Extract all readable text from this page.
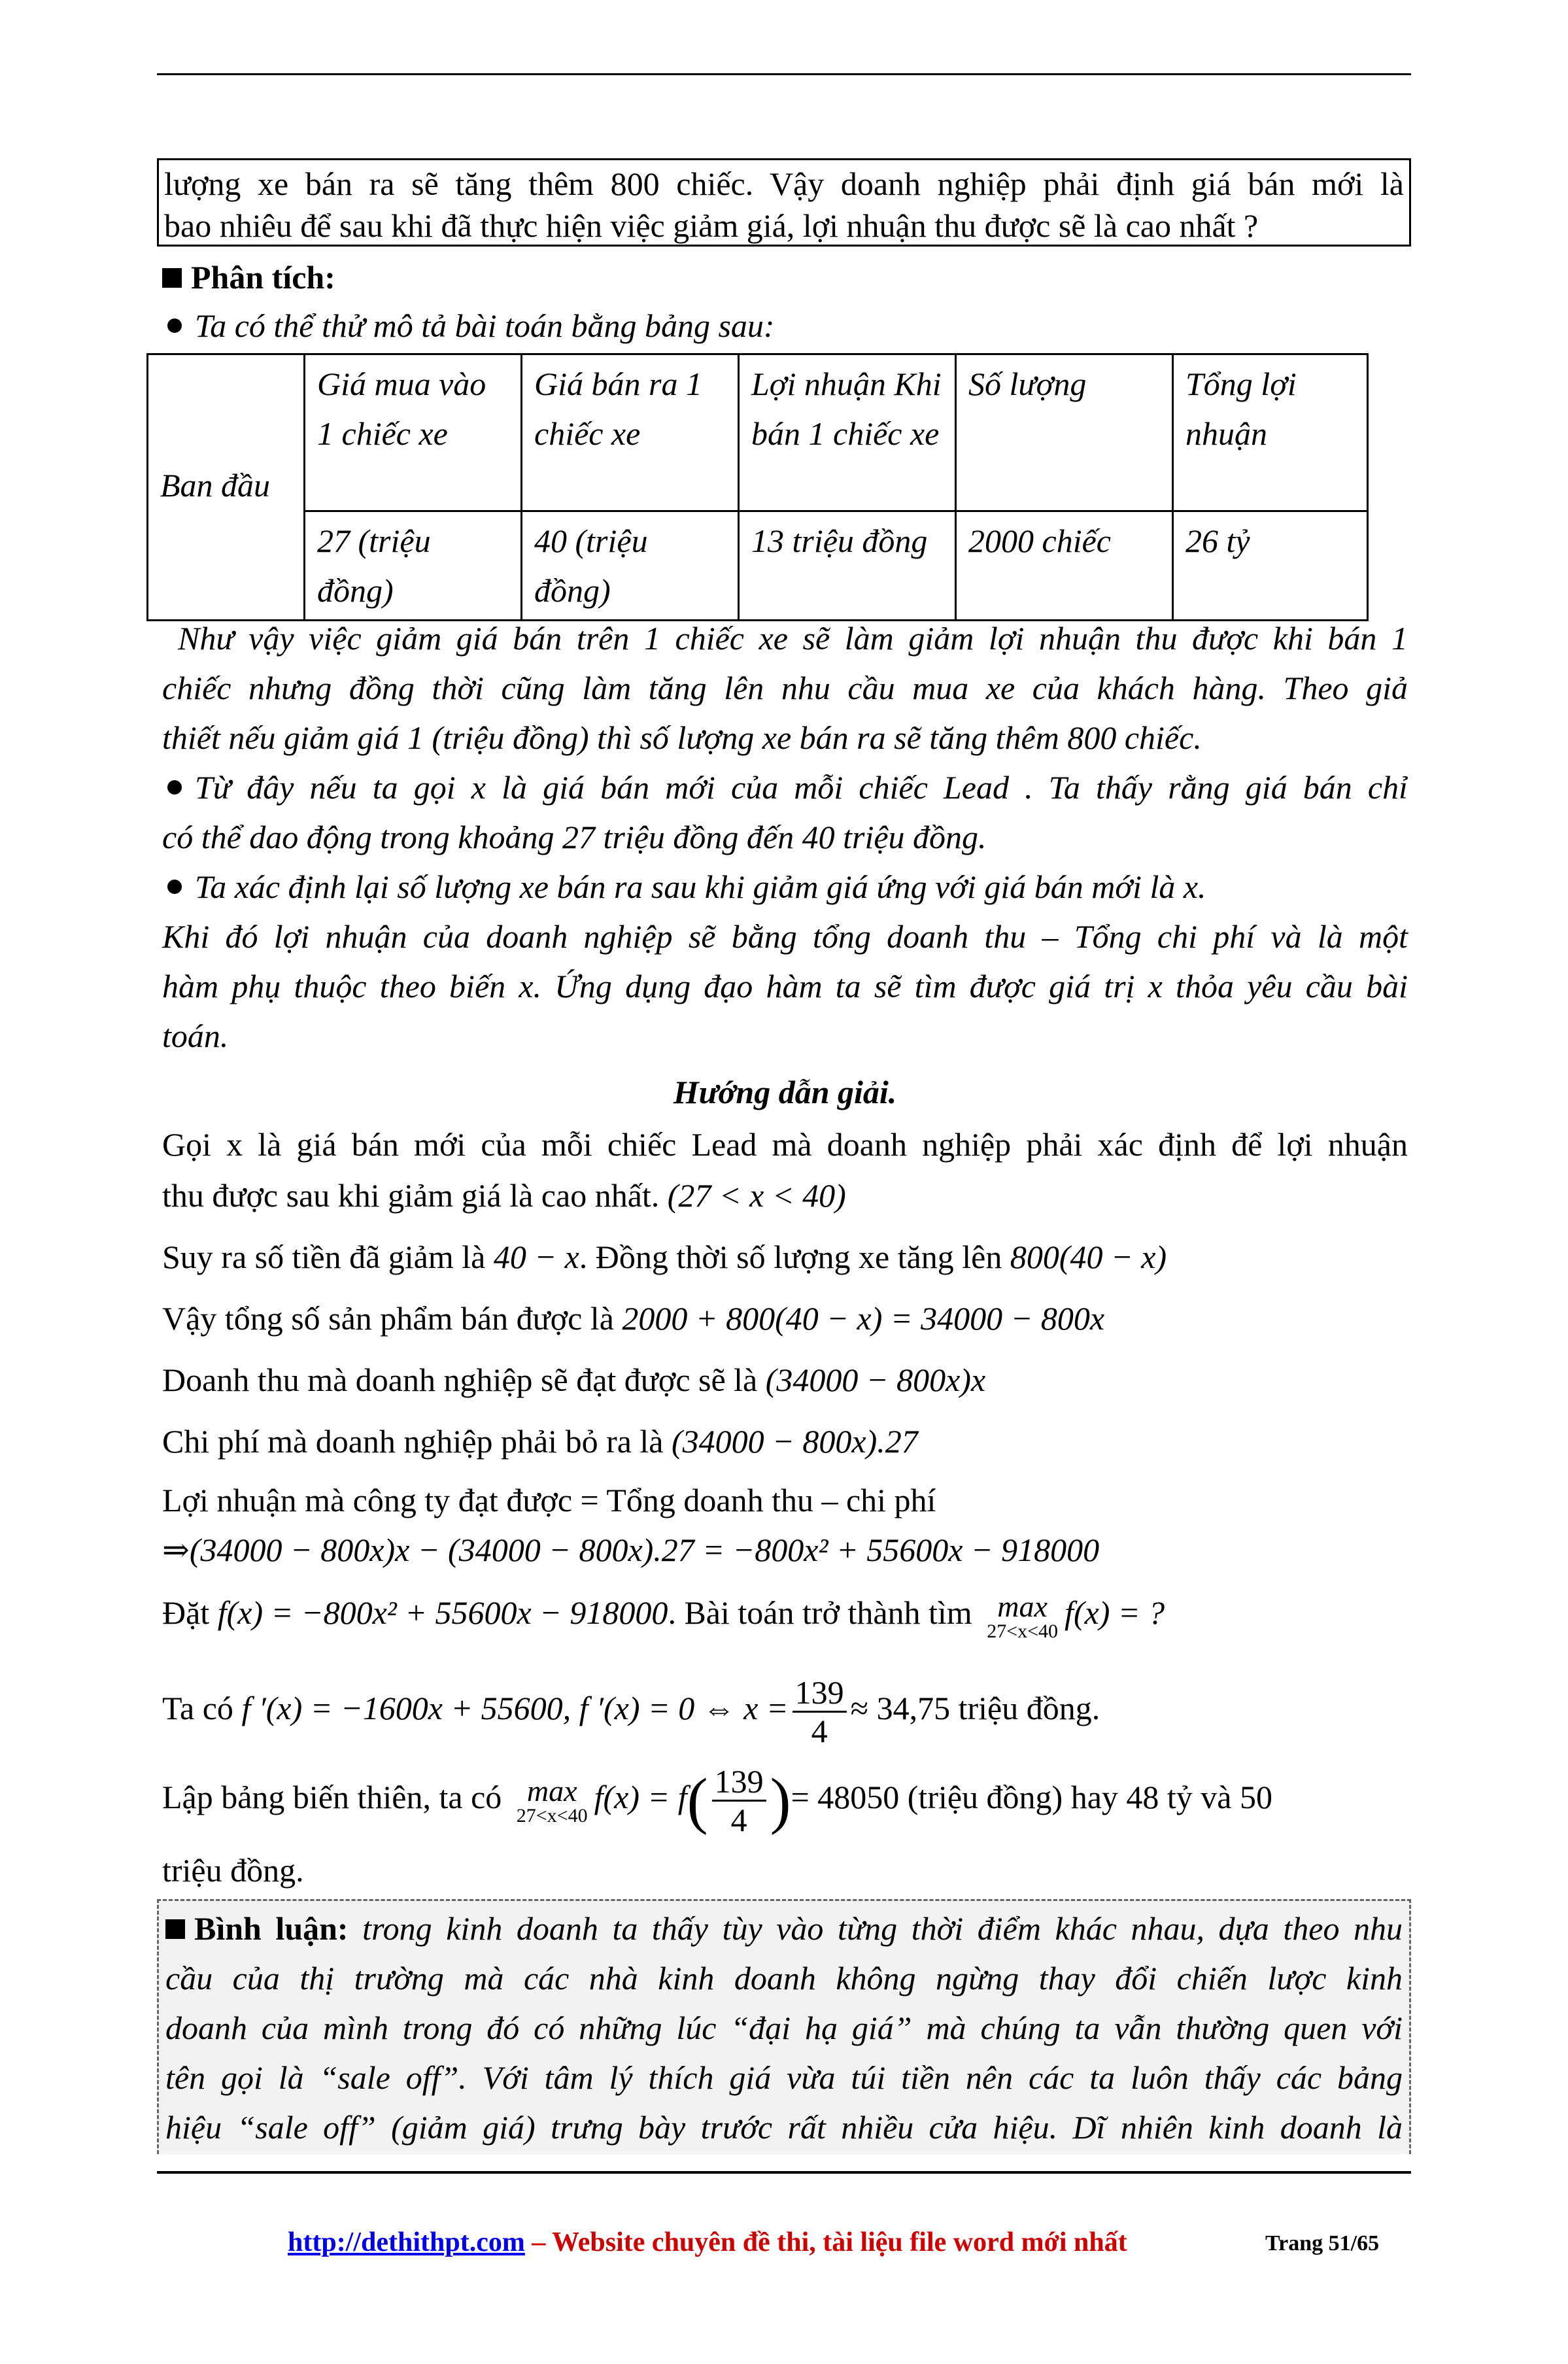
lượng xe bán ra sẽ tăng thêm 800 chiếc. Vậy doanh nghiệp phải định giá bán mới là
bao nhiêu để sau khi đã thực hiện việc giảm giá, lợi nhuận thu được sẽ là cao nhất ?
Phân tích:
Ta có thể thử mô tả bài toán bằng bảng sau:
Ban đầu	Giá mua vào 1 chiếc xe	Giá bán ra 1 chiếc xe	Lợi nhuận Khi bán 1 chiếc xe	Số lượng	Tổng lợi nhuận
	27 (triệu đồng)	40 (triệu đồng)	13 triệu đồng	2000 chiếc	26 tỷ
Như vậy việc giảm giá bán trên 1 chiếc xe sẽ làm giảm lợi nhuận thu được khi bán 1
chiếc nhưng đồng thời cũng làm tăng lên nhu cầu mua xe của khách hàng. Theo giả
thiết nếu giảm giá 1 (triệu đồng) thì số lượng xe bán ra sẽ tăng thêm 800 chiếc.
Từ đây nếu ta gọi x là giá bán mới của mỗi chiếc Lead . Ta thấy rằng giá bán chỉ
có thể dao động trong khoảng 27 triệu đồng đến 40 triệu đồng.
Ta xác định lại số lượng xe bán ra sau khi giảm giá ứng với giá bán mới là x.
Khi đó lợi nhuận của doanh nghiệp sẽ bằng tổng doanh thu – Tổng chi phí và là một
hàm phụ thuộc theo biến x. Ứng dụng đạo hàm ta sẽ tìm được giá trị x thỏa yêu cầu bài
toán.
Hướng dẫn giải.
Gọi x là giá bán mới của mỗi chiếc Lead mà doanh nghiệp phải xác định để lợi nhuận
thu được sau khi giảm giá là cao nhất. (27 < x < 40)
Suy ra số tiền đã giảm là 40 − x. Đồng thời số lượng xe tăng lên 800(40 − x)
Vậy tổng số sản phẩm bán được là 2000 + 800(40 − x) = 34000 − 800x
Doanh thu mà doanh nghiệp sẽ đạt được sẽ là (34000 − 800x)x
Chi phí mà doanh nghiệp phải bỏ ra là (34000 − 800x).27
Lợi nhuận mà công ty đạt được = Tổng doanh thu – chi phí
⇒(34000 − 800x)x − (34000 − 800x).27 = −800x² + 55600x − 918000
Đặt f(x) = −800x² + 55600x − 918000. Bài toán trở thành tìm max
27<x<40
f(x) = ?
Ta có f ′(x) = −1600x + 55600, f ′(x) = 0 ⇔ $x = \frac{139}{4} \approx 34,75$ triệu đồng.
Lập bảng biến thiên, ta có max
27<x<40
$f(x) = f( \frac{139}{4}$ )= 48050 (triệu đồng) hay 48 tỷ và 50
triệu đồng.
Bình luận: trong kinh doanh ta thấy tùy vào từng thời điểm khác nhau, dựa theo nhu
cầu của thị trường mà các nhà kinh doanh không ngừng thay đổi chiến lược kinh
doanh của mình trong đó có những lúc “đại hạ giá” mà chúng ta vẫn thường quen với
tên gọi là “sale off”. Với tâm lý thích giá vừa túi tiền nên các ta luôn thấy các bảng
hiệu “sale off” (giảm giá) trưng bày trước rất nhiều cửa hiệu. Dĩ nhiên kinh doanh là
http://dethithpt.com – Website chuyên đề thi, tài liệu file word mới nhất	Trang 51/65
